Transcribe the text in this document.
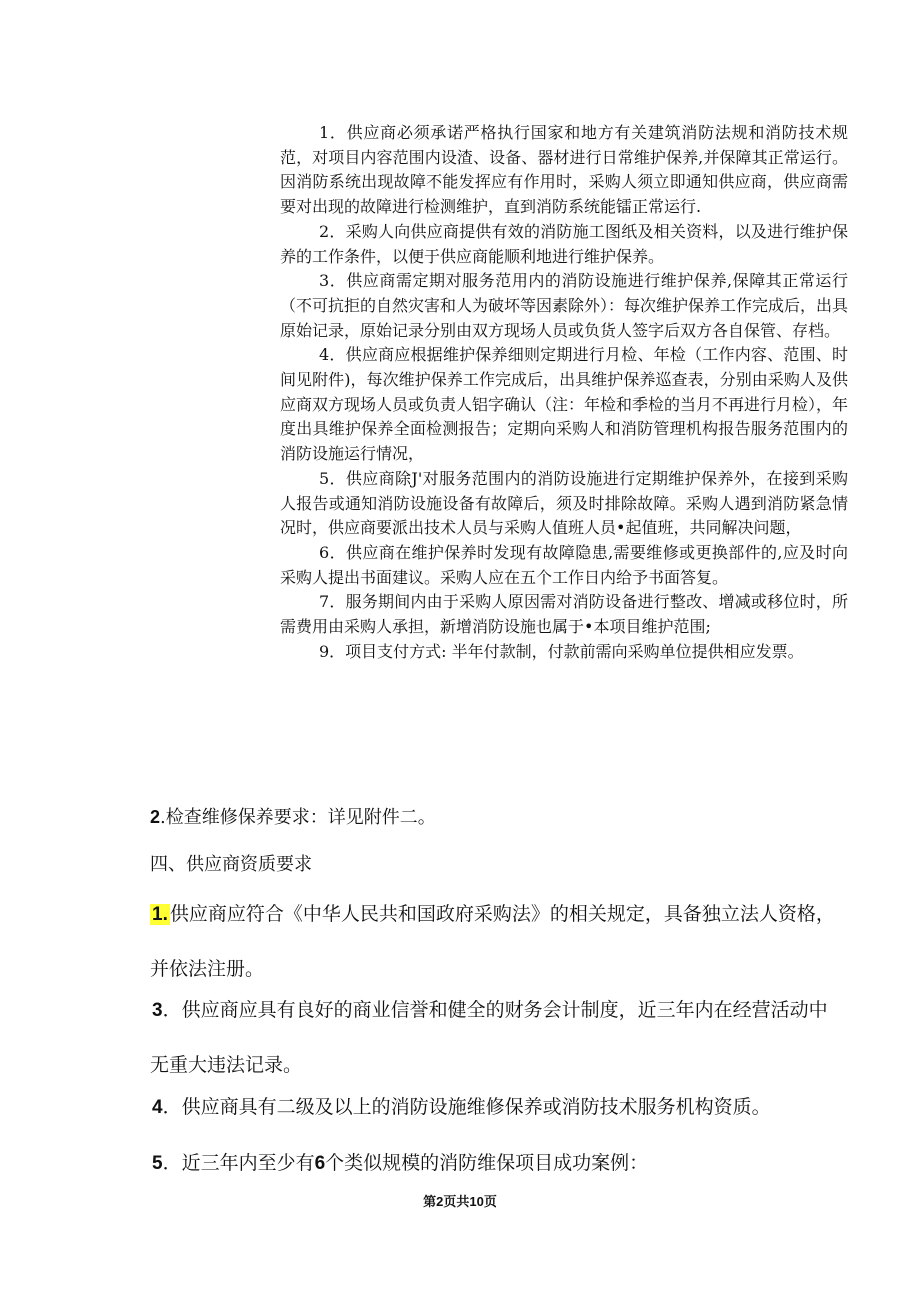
1．供应商必须承诺严格执行国家和地方有关建筑消防法规和消防技术规范，对项目内容范围内设渣、设备、器材进行日常维护保养,并保障其正常运行。因消防系统出现故障不能发挥应有作用时，采购人须立即通知供应商，供应商需要对出现的故障进行检测维护，直到消防系统能镭正常运行.

2．采购人向供应商提供有效的消防施工图纸及相关资料，以及进行维护保养的工作条件，以便于供应商能顺利地进行维护保养。

3．供应商需定期对服务范用内的消防设施进行维护保养,保障其正常运行（不可抗拒的自然灾害和人为破坏等因素除外）：每次维护保养工作完成后，出具原始记录，原始记录分别由双方现场人员或负货人签字后双方各自保管、存档。

4．供应商应根据维护保养细则定期进行月检、年检（工作内容、范围、时间见附件)，每次维护保养工作完成后，出具维护保养巡查表，分别由采购人及供应商双方现场人员或负责人铝字确认（注：年检和季检的当月不再进行月检），年度出具维护保养全面检测报告；定期向采购人和消防管理机构报告服务范围内的消防设施运行情况，

5．供应商除J'对服务范围内的消防设施进行定期维护保养外，在接到采购人报告或通知消防设施设备有故障后，须及时排除故障。采购人遇到消防紧急情况时，供应商要派出技术人员与采购人值班人员•起值班，共同解决问题，

6．供应商在维护保养时发现有故障隐患,需要维修或更换部件的,应及时向采购人提出书面建议。采购人应在五个工作日内给予书面答复。

7．服务期间内由于采购人原因需对消防设备进行整改、增减或移位时，所需费用由采购人承担，新增消防设施也属于•本项目维护范围;

9．项目支付方式: 半年付款制，付款前需向采购单位提供相应发票。

2.检查维修保养要求：详见附件二。
四、供应商资质要求
1. 供应商应符合《中华人民共和国政府采购法》的相关规定，具备独立法人资格，并依法注册。
3．供应商应具有良好的商业信誉和健全的财务会计制度，近三年内在经营活动中无重大违法记录。
4．供应商具有二级及以上的消防设施维修保养或消防技术服务机构资质。
5．近三年内至少有6个类似规模的消防维保项目成功案例：
第2页共10页
